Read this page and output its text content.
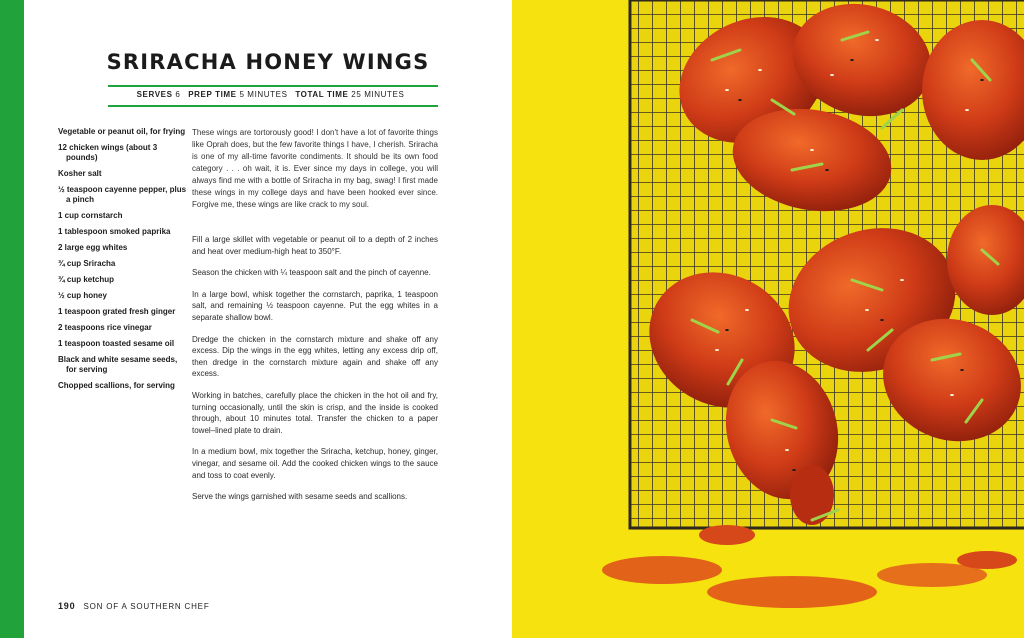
SRIRACHA HONEY WINGS
SERVES 6 PREP TIME 5 MINUTES TOTAL TIME 25 MINUTES
Vegetable or peanut oil, for frying
12 chicken wings (about 3 pounds)
Kosher salt
½ teaspoon cayenne pepper, plus a pinch
1 cup cornstarch
1 tablespoon smoked paprika
2 large egg whites
¾ cup Sriracha
¾ cup ketchup
½ cup honey
1 teaspoon grated fresh ginger
2 teaspoons rice vinegar
1 teaspoon toasted sesame oil
Black and white sesame seeds, for serving
Chopped scallions, for serving

These wings are tortorously good! I don't have a lot of favorite things like Oprah does, but the few favorite things I have, I cherish. Sriracha is one of my all-time favorite condiments. It should be its own food category . . . oh wait, it is. Ever since my days in college, you will always find me with a bottle of Sriracha in my bag, swag! I first made these wings in my college days and have been hooked ever since. Forgive me, these wings are like crack to my soul.

Fill a large skillet with vegetable or peanut oil to a depth of 2 inches and heat over medium-high heat to 350°F.

Season the chicken with ¼ teaspoon salt and the pinch of cayenne.

In a large bowl, whisk together the cornstarch, paprika, 1 teaspoon salt, and remaining ½ teaspoon cayenne. Put the egg whites in a separate shallow bowl.

Dredge the chicken in the cornstarch mixture and shake off any excess. Dip the wings in the egg whites, letting any excess drip off, then dredge in the cornstarch mixture again and shake off any excess.

Working in batches, carefully place the chicken in the hot oil and fry, turning occasionally, until the skin is crisp, and the inside is cooked through, about 10 minutes total. Transfer the chicken to a paper towel–lined plate to drain.

In a medium bowl, mix together the Sriracha, ketchup, honey, ginger, vinegar, and sesame oil. Add the cooked chicken wings to the sauce and toss to coat evenly.

Serve the wings garnished with sesame seeds and scallions.

190 SON OF A SOUTHERN CHEF
